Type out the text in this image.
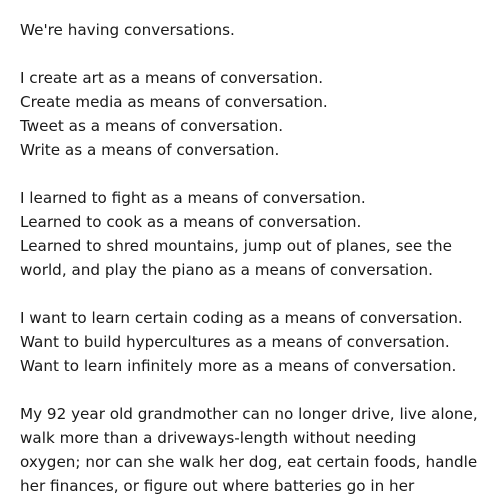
We're having conversations.
I create art as a means of conversation.
Create media as means of conversation.
Tweet as a means of conversation.
Write as a means of conversation.
I learned to fight as a means of conversation.
Learned to cook as a means of conversation.
Learned to shred mountains, jump out of planes, see the
world, and play the piano as a means of conversation.
I want to learn certain coding as a means of conversation.
Want to build hypercultures as a means of conversation.
Want to learn infinitely more as a means of conversation.
My 92 year old grandmother can no longer drive, live alone,
walk more than a driveways-length without needing
oxygen; nor can she walk her dog, eat certain foods, handle
her finances, or figure out where batteries go in her
